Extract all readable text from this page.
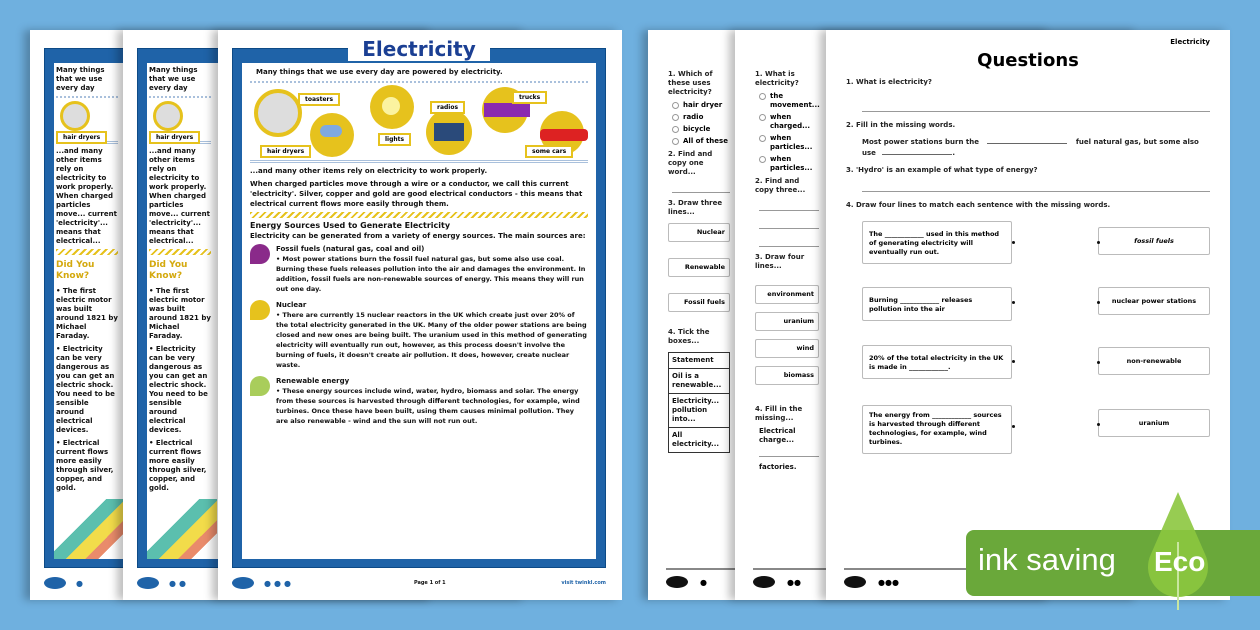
Many things that we use every day
hair dryers
...and many other items rely on electricity to work properly. When charged particles move... current 'electricity'... means that electrical...
Did You Know?
• The first electric motor was built around 1821 by Michael Faraday.
• Electricity can be very dangerous as you can get an electric shock. You need to be sensible around electrical devices.
• Electrical current flows more easily through silver, copper, and gold.
●
Many things that we use every day
hair dryers
...and many other items rely on electricity to work properly. When charged particles move... current 'electricity'... means that electrical...
Did You Know?
• The first electric motor was built around 1821 by Michael Faraday.
• Electricity can be very dangerous as you can get an electric shock. You need to be sensible around electrical devices.
• Electrical current flows more easily through silver, copper, and gold.
●●
Electricity
Many things that we use every day are powered by electricity.
toasters
hair dryers
lights
radios
trucks
some cars
...and many other items rely on electricity to work properly.
When charged particles move through a wire or a conductor, we call this current 'electricity'. Silver, copper and gold are good electrical conductors - this means that electrical current flows more easily through them.
Energy Sources Used to Generate Electricity
Electricity can be generated from a variety of energy sources. The main sources are:
Fossil fuels (natural gas, coal and oil)
• Most power stations burn the fossil fuel natural gas, but some also use coal. Burning these fuels releases pollution into the air and damages the environment. In addition, fossil fuels are non-renewable sources of energy. This means they will run out one day.
Nuclear
• There are currently 15 nuclear reactors in the UK which create just over 20% of the total electricity generated in the UK. Many of the older power stations are being closed and new ones are being built. The uranium used in this method of generating electricity will eventually run out, however, as this process doesn't involve the burning of fuels, it doesn't create air pollution. It does, however, create nuclear waste.
Renewable energy
• These energy sources include wind, water, hydro, biomass and solar. The energy from these sources is harvested through different technologies, for example, wind turbines. Once these have been built, using them causes minimal pollution. They are also renewable - wind and the sun will not run out.
●●●	Page 1 of 1	visit twinkl.com
1. Which of these uses electricity?
hair dryer
radio
bicycle
All of these
2. Find and copy one word...
3. Draw three lines...
Nuclear
Renewable
Fossil fuels
4. Tick the boxes...
Statement
Oil is a renewable...
Electricity... pollution into...
All electricity...
●
1. What is electricity?
the movement...
when charged...
when particles...
when particles...
2. Find and copy three...
3. Draw four lines...
environment
uranium
wind
biomass
4. Fill in the missing...
Electrical charge...
factories.
●●
Electricity
Questions
1. What is electricity?
2. Fill in the missing words.
Most power stations burn the	fuel natural gas, but some also
use	.
3. 'Hydro' is an example of what type of energy?
4. Draw four lines to match each sentence with the missing words.
The ____________ used in this method of generating electricity will eventually run out.
Burning ____________ releases pollution into the air
20% of the total electricity in the UK is made in ____________.
The energy from ____________ sources is harvested through different technologies, for example, wind turbines.
fossil fuels
nuclear power stations
non-renewable
uranium
●●●
ink saving Eco
